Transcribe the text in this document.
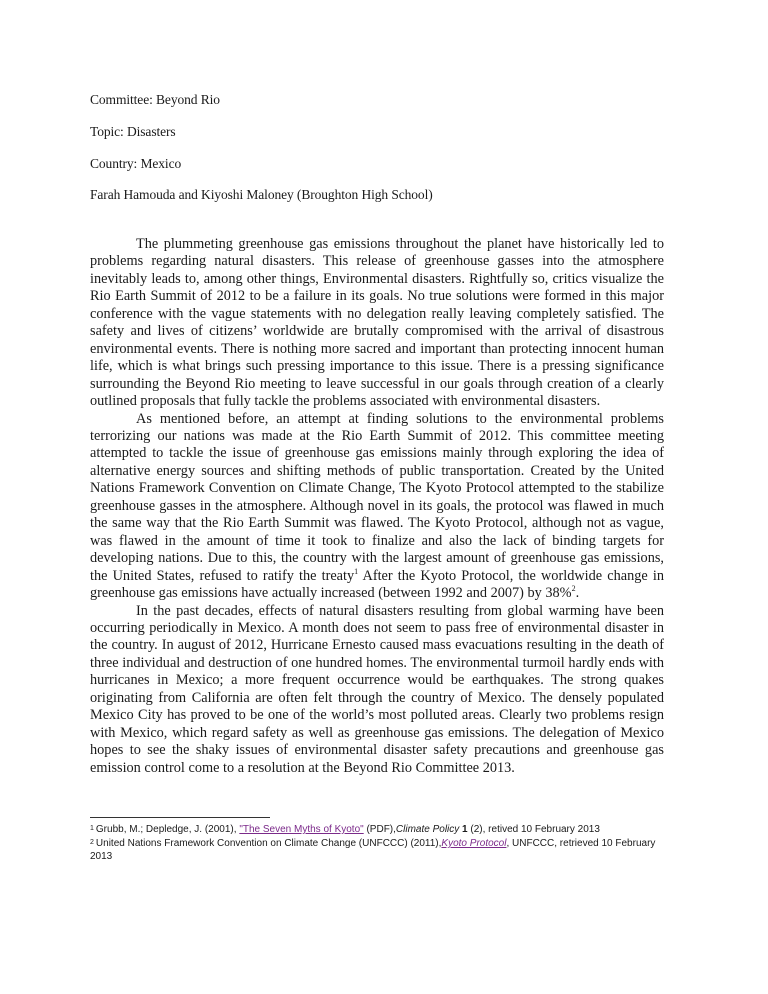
Committee: Beyond Rio
Topic: Disasters
Country: Mexico
Farah Hamouda and Kiyoshi Maloney (Broughton High School)

The plummeting greenhouse gas emissions throughout the planet have historically led to problems regarding natural disasters. This release of greenhouse gasses into the atmosphere inevitably leads to, among other things, Environmental disasters. Rightfully so, critics visualize the Rio Earth Summit of 2012 to be a failure in its goals. No true solutions were formed in this major conference with the vague statements with no delegation really leaving completely satisfied. The safety and lives of citizens’ worldwide are brutally compromised with the arrival of disastrous environmental events. There is nothing more sacred and important than protecting innocent human life, which is what brings such pressing importance to this issue. There is a pressing significance surrounding the Beyond Rio meeting to leave successful in our goals through creation of a clearly outlined proposals that fully tackle the problems associated with environmental disasters.

As mentioned before, an attempt at finding solutions to the environmental problems terrorizing our nations was made at the Rio Earth Summit of 2012. This committee meeting attempted to tackle the issue of greenhouse gas emissions mainly through exploring the idea of alternative energy sources and shifting methods of public transportation. Created by the United Nations Framework Convention on Climate Change, The Kyoto Protocol attempted to the stabilize greenhouse gasses in the atmosphere. Although novel in its goals, the protocol was flawed in much the same way that the Rio Earth Summit was flawed. The Kyoto Protocol, although not as vague, was flawed in the amount of time it took to finalize and also the lack of binding targets for developing nations. Due to this, the country with the largest amount of greenhouse gas emissions, the United States, refused to ratify the treaty$^1$ After the Kyoto Protocol, the worldwide change in greenhouse gas emissions have actually increased (between 1992 and 2007) by 38%$^2$.

In the past decades, effects of natural disasters resulting from global warming have been occurring periodically in Mexico. A month does not seem to pass free of environmental disaster in the country. In august of 2012, Hurricane Ernesto caused mass evacuations resulting in the death of three individual and destruction of one hundred homes. The environmental turmoil hardly ends with hurricanes in Mexico; a more frequent occurrence would be earthquakes. The strong quakes originating from California are often felt through the country of Mexico. The densely populated Mexico City has proved to be one of the world’s most polluted areas. Clearly two problems resign with Mexico, which regard safety as well as greenhouse gas emissions. The delegation of Mexico hopes to see the shaky issues of environmental disaster safety precautions and greenhouse gas emission control come to a resolution at the Beyond Rio Committee 2013.

$^1$ Grubb, M.; Depledge, J. (2001), "The Seven Myths of Kyoto" (PDF),Climate Policy 1 (2), retived 10 February 2013
$^2$ United Nations Framework Convention on Climate Change (UNFCCC) (2011),Kyoto Protocol, UNFCCC, retrieved 10 February 2013
